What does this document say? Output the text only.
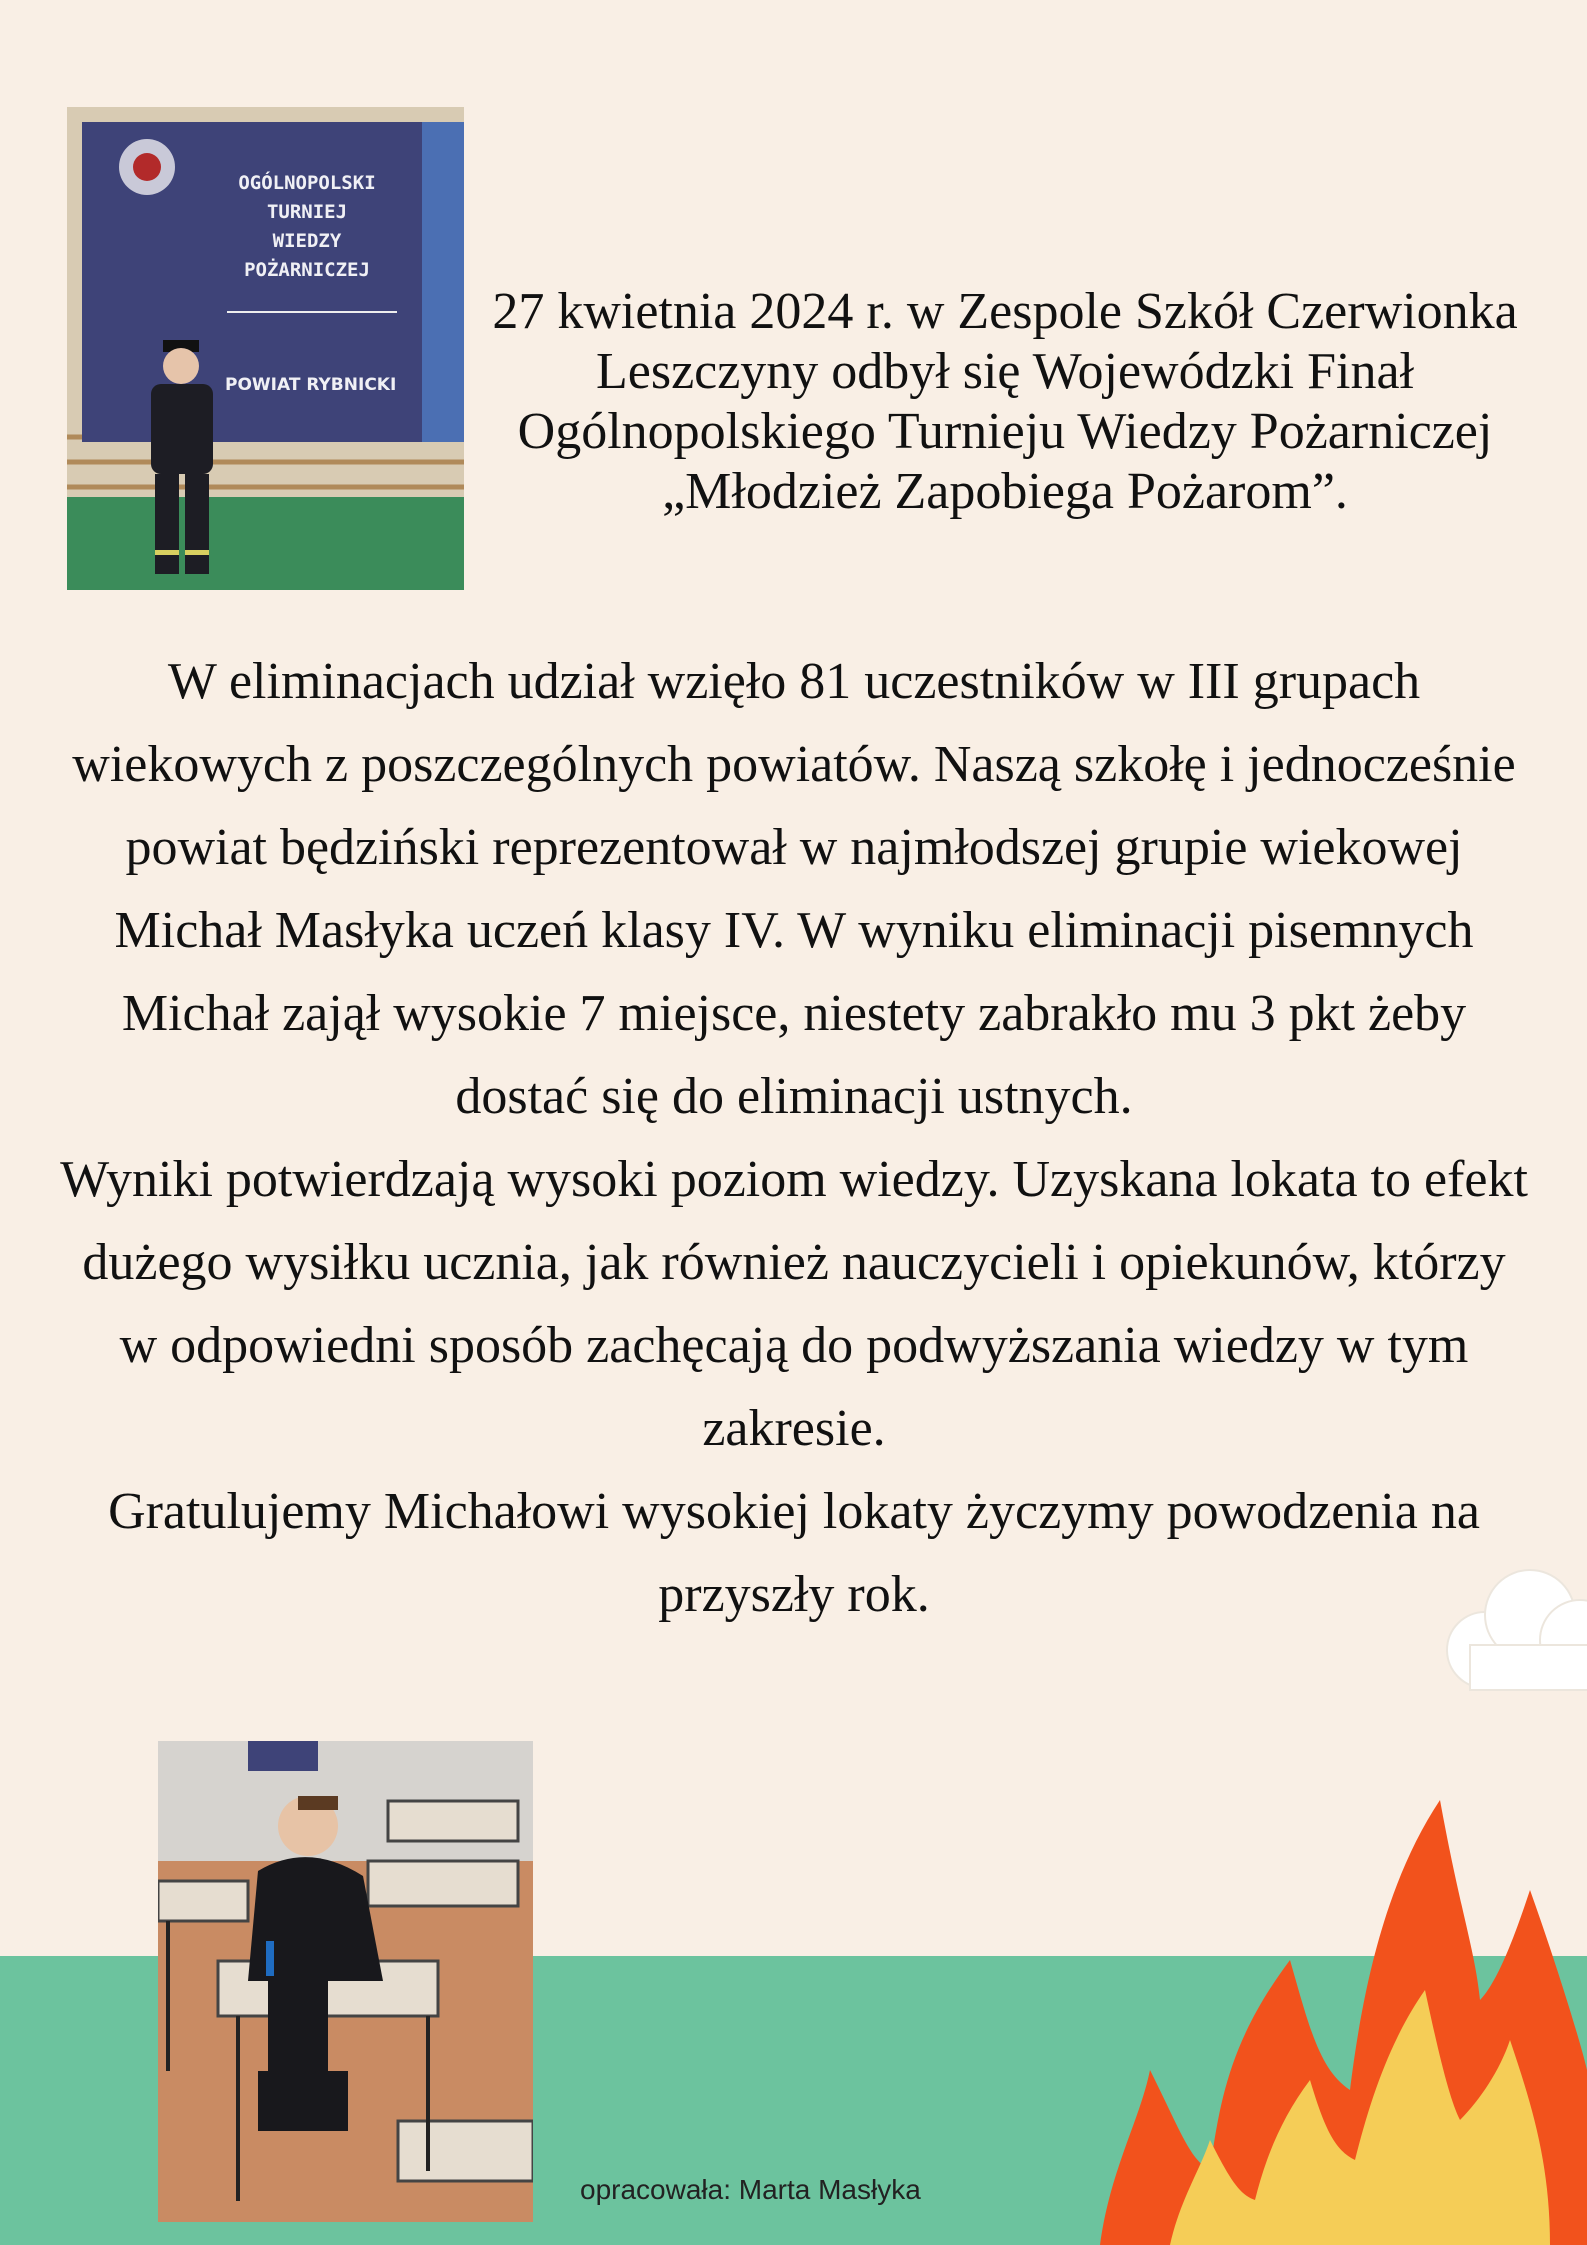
OGÓLNOPOLSKI
TURNIEJ
WIEDZY
POŻARNICZEJ
POWIAT RYBNICKI

27 kwietnia 2024 r. w Zespole Szkół Czerwionka Leszczyny odbył się Wojewódzki Finał Ogólnopolskiego Turnieju Wiedzy Pożarniczej „Młodzież Zapobiega Pożarom”.

W eliminacjach udział wzięło 81 uczestników w III grupach wiekowych z poszczególnych powiatów. Naszą szkołę i jednocześnie powiat będziński reprezentował w najmłodszej grupie wiekowej Michał Masłyka uczeń klasy IV. W wyniku eliminacji pisemnych Michał zajął wysokie 7 miejsce, niestety zabrakło mu 3 pkt żeby dostać się do eliminacji ustnych.
Wyniki potwierdzają wysoki poziom wiedzy. Uzyskana lokata to efekt dużego wysiłku ucznia, jak również nauczycieli i opiekunów, którzy w odpowiedni sposób zachęcają do podwyższania wiedzy w tym zakresie.
Gratulujemy Michałowi wysokiej lokaty życzymy powodzenia na przyszły rok.
opracowała: Marta Masłyka
